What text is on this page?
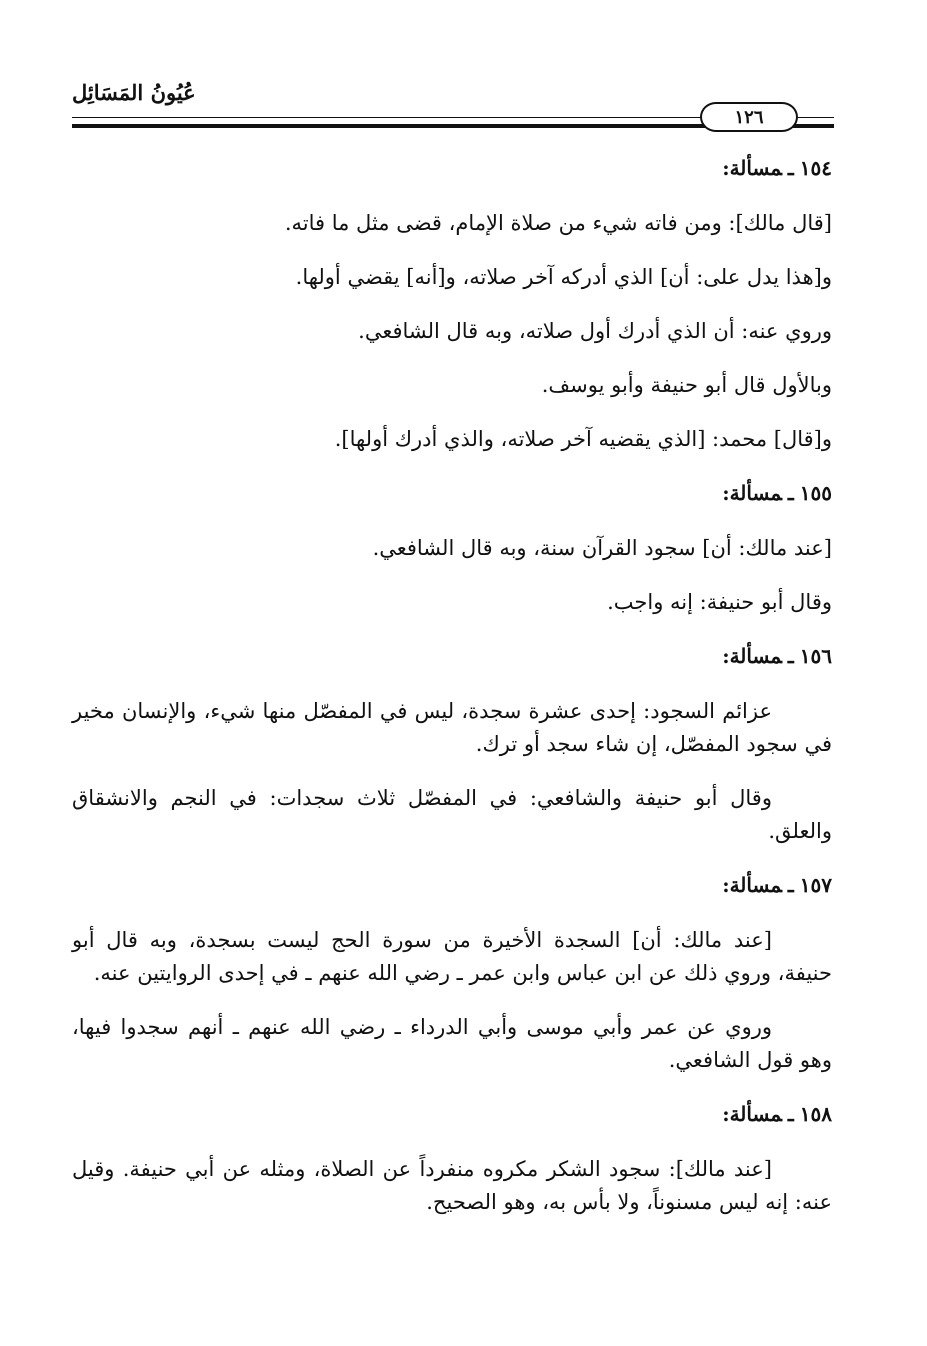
عُيُونُ المَسَائِل
١٢٦
١٥٤ـمسألة:

[قال مالك]: ومن فاته شيء من صلاة الإمام، قضى مثل ما فاته.

و[هذا يدل على: أن] الذي أدركه آخر صلاته، و[أنه] يقضي أولها.

وروي عنه: أن الذي أدرك أول صلاته، وبه قال الشافعي.

وبالأول قال أبو حنيفة وأبو يوسف.

و[قال] محمد: [الذي يقضيه آخر صلاته، والذي أدرك أولها].

١٥٥ـمسألة:

[عند مالك: أن] سجود القرآن سنة، وبه قال الشافعي.

وقال أبو حنيفة: إنه واجب.

١٥٦ـمسألة:

عزائم السجود: إحدى عشرة سجدة، ليس في المفصّل منها شيء، والإنسان مخير في سجود المفصّل، إن شاء سجد أو ترك.

وقال أبو حنيفة والشافعي: في المفصّل ثلاث سجدات: في النجم والانشقاق والعلق.

١٥٧ـمسألة:

[عند مالك: أن] السجدة الأخيرة من سورة الحج ليست بسجدة، وبه قال أبو حنيفة، وروي ذلك عن ابن عباس وابن عمر ـ رضي الله عنهم ـ في إحدى الروايتين عنه.

وروي عن عمر وأبي موسى وأبي الدرداء ـ رضي الله عنهم ـ أنهم سجدوا فيها، وهو قول الشافعي.

١٥٨ـمسألة:

[عند مالك]: سجود الشكر مكروه منفرداً عن الصلاة، ومثله عن أبي حنيفة. وقيل عنه: إنه ليس مسنوناً، ولا بأس به، وهو الصحيح.
